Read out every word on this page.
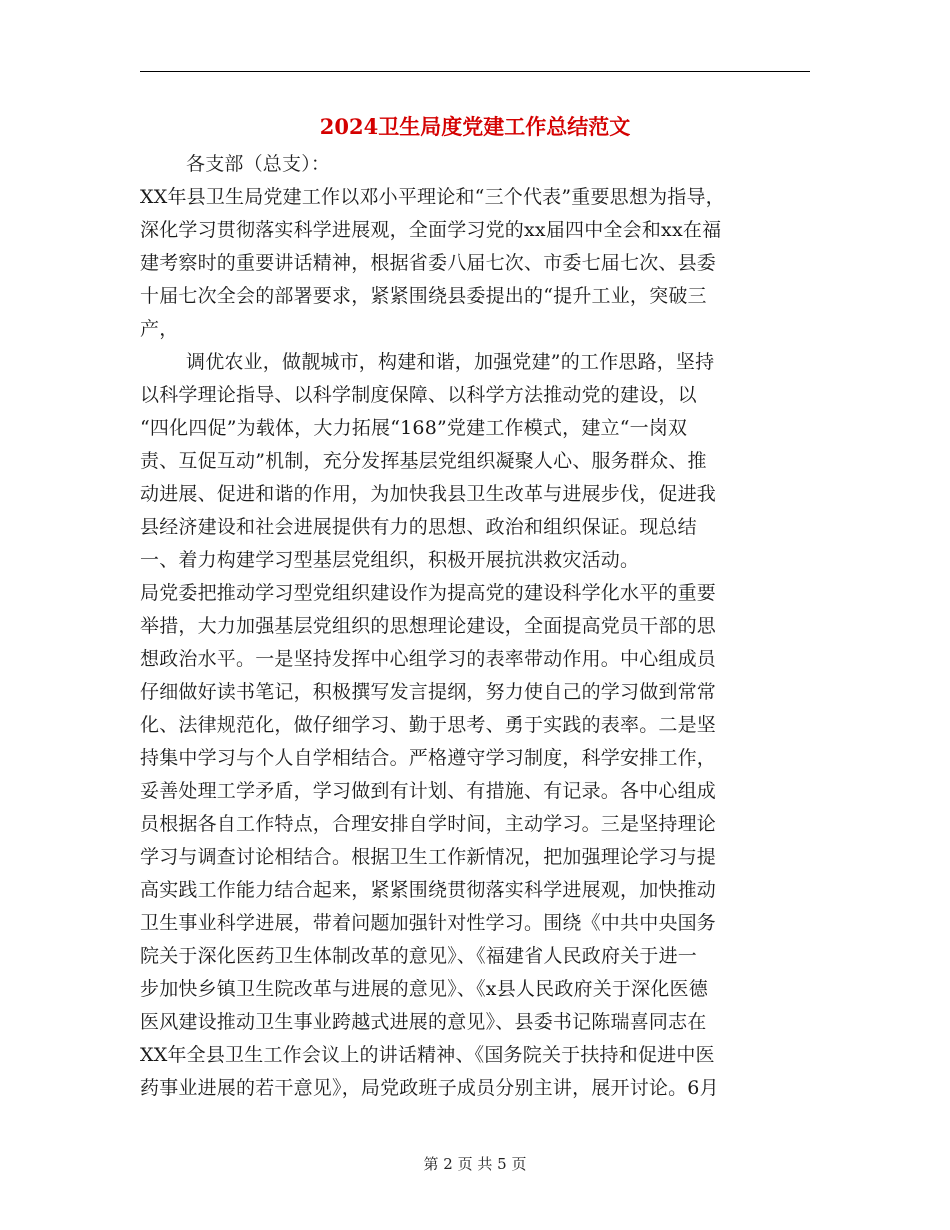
2024卫生局度党建工作总结范文
各支部（总支）：
XX年县卫生局党建工作以邓小平理论和“三个代表”重要思想为指导，
深化学习贯彻落实科学进展观，全面学习党的xx届四中全会和xx在福
建考察时的重要讲话精神，根据省委八届七次、市委七届七次、县委
十届七次全会的部署要求，紧紧围绕县委提出的“提升工业，突破三
产，
调优农业，做靓城市，构建和谐，加强党建”的工作思路，坚持
以科学理论指导、以科学制度保障、以科学方法推动党的建设，以
“四化四促”为载体，大力拓展“168”党建工作模式，建立“一岗双
责、互促互动”机制，充分发挥基层党组织凝聚人心、服务群众、推
动进展、促进和谐的作用，为加快我县卫生改革与进展步伐，促进我
县经济建设和社会进展提供有力的思想、政治和组织保证。现总结
一、着力构建学习型基层党组织，积极开展抗洪救灾活动。
局党委把推动学习型党组织建设作为提高党的建设科学化水平的重要
举措，大力加强基层党组织的思想理论建设，全面提高党员干部的思
想政治水平。一是坚持发挥中心组学习的表率带动作用。中心组成员
仔细做好读书笔记，积极撰写发言提纲，努力使自己的学习做到常常
化、法律规范化，做仔细学习、勤于思考、勇于实践的表率。二是坚
持集中学习与个人自学相结合。严格遵守学习制度，科学安排工作，
妥善处理工学矛盾，学习做到有计划、有措施、有记录。各中心组成
员根据各自工作特点，合理安排自学时间，主动学习。三是坚持理论
学习与调查讨论相结合。根据卫生工作新情况，把加强理论学习与提
高实践工作能力结合起来，紧紧围绕贯彻落实科学进展观，加快推动
卫生事业科学进展，带着问题加强针对性学习。围绕《中共中央国务
院关于深化医药卫生体制改革的意见》、《福建省人民政府关于进一
步加快乡镇卫生院改革与进展的意见》、《x县人民政府关于深化医德
医风建设推动卫生事业跨越式进展的意见》、县委书记陈瑞喜同志在
XX年全县卫生工作会议上的讲话精神、《国务院关于扶持和促进中医
药事业进展的若干意见》，局党政班子成员分别主讲，展开讨论。6月
第 2 页 共 5 页
